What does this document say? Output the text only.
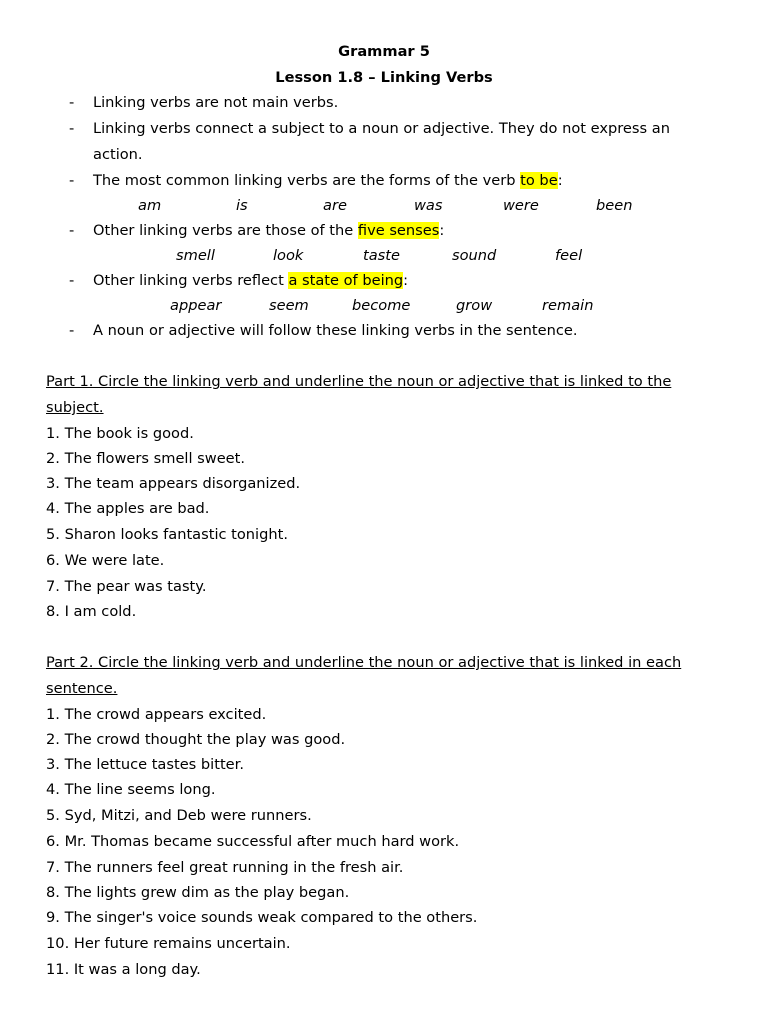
Grammar 5
Lesson 1.8 – Linking Verbs
- Linking verbs are not main verbs.
- Linking verbs connect a subject to a noun or adjective. They do not express an
action.
- The most common linking verbs are the forms of the verb to be:
am	is	are	was	were	been
- Other linking verbs are those of the five senses:
smell	look	taste	sound	feel
- Other linking verbs reflect a state of being:
appear	seem	become	grow	remain
- A noun or adjective will follow these linking verbs in the sentence.
Part 1. Circle the linking verb and underline the noun or adjective that is linked to the
subject.
1. The book is good.
2. The flowers smell sweet.
3. The team appears disorganized.
4. The apples are bad.
5. Sharon looks fantastic tonight.
6. We were late.
7. The pear was tasty.
8. I am cold.
Part 2. Circle the linking verb and underline the noun or adjective that is linked in each
sentence.
1. The crowd appears excited.
2. The crowd thought the play was good.
3. The lettuce tastes bitter.
4. The line seems long.
5. Syd, Mitzi, and Deb were runners.
6. Mr. Thomas became successful after much hard work.
7. The runners feel great running in the fresh air.
8. The lights grew dim as the play began.
9. The singer's voice sounds weak compared to the others.
10. Her future remains uncertain.
11. It was a long day.
